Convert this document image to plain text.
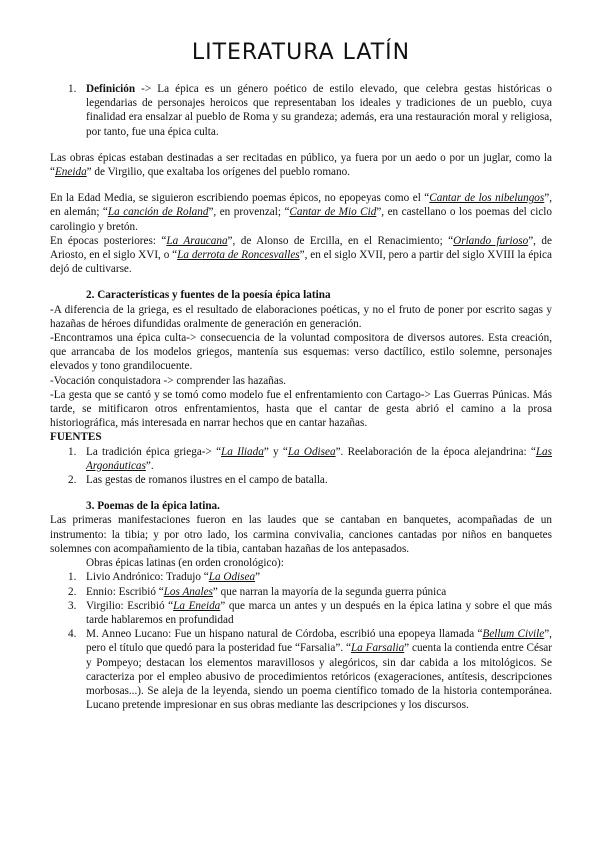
LITERATURA LATÍN
1. Definición -> La épica es un género poético de estilo elevado, que celebra gestas históricas o legendarias de personajes heroicos que representaban los ideales y tradiciones de un pueblo, cuya finalidad era ensalzar al pueblo de Roma y su grandeza; además, era una restauración moral y religiosa, por tanto, fue una épica culta.

Las obras épicas estaban destinadas a ser recitadas en público, ya fuera por un aedo o por un juglar, como la “Eneida” de Virgilio, que exaltaba los orígenes del pueblo romano.

En la Edad Media, se siguieron escribiendo poemas épicos, no epopeyas como el “Cantar de los nibelungos”, en alemán; “La canción de Roland”, en provenzal; “Cantar de Mio Cid”, en castellano o los poemas del ciclo carolingio y bretón.

En épocas posteriores: “La Araucana”, de Alonso de Ercilla, en el Renacimiento; “Orlando furioso”, de Ariosto, en el siglo XVI, o “La derrota de Roncesvalles”, en el siglo XVII, pero a partir del siglo XVIII la épica dejó de cultivarse.

2. Características y fuentes de la poesía épica latina

-A diferencia de la griega, es el resultado de elaboraciones poéticas, y no el fruto de poner por escrito sagas y hazañas de héroes difundidas oralmente de generación en generación.

-Encontramos una épica culta-> consecuencia de la voluntad compositora de diversos autores. Esta creación, que arrancaba de los modelos griegos, mantenía sus esquemas: verso dactílico, estilo solemne, personajes elevados y tono grandilocuente.

-Vocación conquistadora -> comprender las hazañas.

-La gesta que se cantó y se tomó como modelo fue el enfrentamiento con Cartago-> Las Guerras Púnicas. Más tarde, se mitificaron otros enfrentamientos, hasta que el cantar de gesta abrió el camino a la prosa historiográfica, más interesada en narrar hechos que en cantar hazañas.

FUENTES
1. La tradición épica griega-> “La Iliada” y “La Odisea”. Reelaboración de la época alejandrina: “Las Argonáuticas”.
2. Las gestas de romanos ilustres en el campo de batalla.
3. Poemas de la épica latina.

Las primeras manifestaciones fueron en las laudes que se cantaban en banquetes, acompañadas de un instrumento: la tibia; y por otro lado, los carmina convivalia, canciones cantadas por niños en banquetes solemnes con acompañamiento de la tibia, cantaban hazañas de los antepasados.

Obras épicas latinas (en orden cronológico):
1. Livio Andrónico: Tradujo “La Odisea”
2. Ennio: Escribió “Los Anales” que narran la mayoría de la segunda guerra púnica
3. Virgilio: Escribió “La Eneida” que marca un antes y un después en la épica latina y sobre el que más tarde hablaremos en profundidad
4. M. Anneo Lucano: Fue un hispano natural de Córdoba, escribió una epopeya llamada “Bellum Civile”, pero el título que quedó para la posteridad fue “Farsalia”. “La Farsalia” cuenta la contienda entre César y Pompeyo; destacan los elementos maravillosos y alegóricos, sin dar cabida a los mitológicos. Se caracteriza por el empleo abusivo de procedimientos retóricos (exageraciones, antítesis, descripciones morbosas...). Se aleja de la leyenda, siendo un poema científico tomado de la historia contemporánea. Lucano pretende impresionar en sus obras mediante las descripciones y los discursos.
